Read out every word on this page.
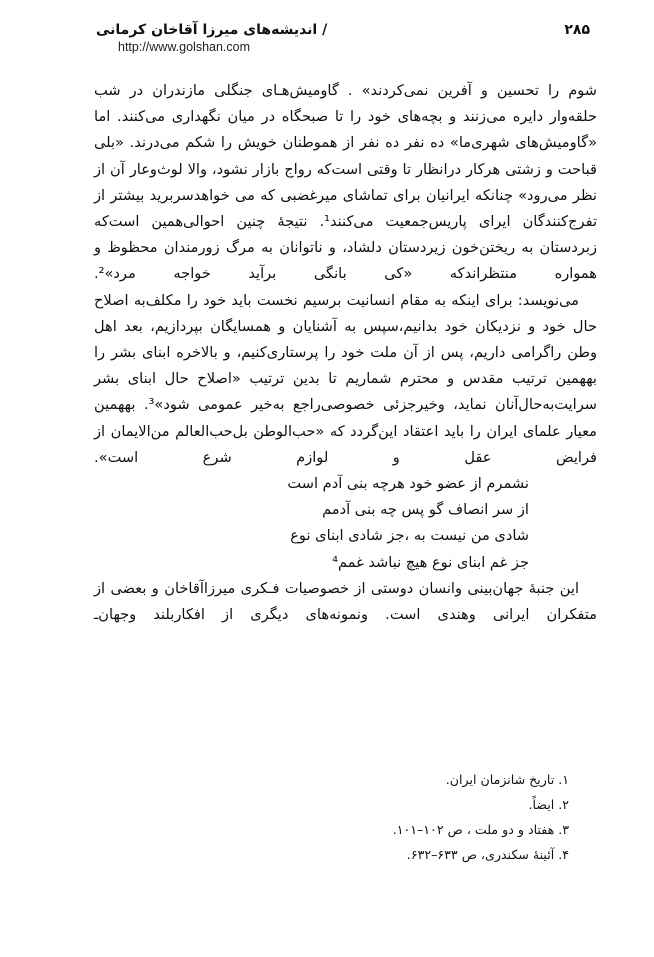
/ اندیشه‌های میرزا آقاخان کرمانی	۲۸۵
http://www.golshan.com

شوم را تحسین و آفرین نمی‌کردند» . گاومیش‌هـای جنگلی مازندران در شب حلقه‌وار دایره می‌زنند و بچه‌های خود را تا صبحگاه در میان نگهداری می‌کنند. اما «گاومیش‌های شهری‌ما» ده نفر ده نفر از هموطنان خویش را شکم می‌درند. «بلی قباحت و زشتی هرکار درانظار تا وقتی است‌که رواج بازار نشود، والا لوث‌وعار آن از نظر می‌رود» چنانکه ایرانیان برای تماشای میرغضبی که می خواهدسربرید بیشتر از تفرج‌کنندگان ایرای پاریس‌جمعیت می‌کنند¹. نتیجهٔ چنین احوالی‌همین است‌که زبردستان به ریختن‌خون زیردستان دلشاد، و ناتوانان به مرگ زورمندان محظوظ و همواره منتظراندکه «کی بانگی برآید خواجه مرد»².

می‌نویسد: برای اینکه به مقام انسانیت برسیم نخست باید خود را مکلف‌به اصلاح حال خود و نزدیکان خود بدانیم،سپس به آشنایان و همسایگان بپردازیم، بعد اهل وطن راگرامی داریم، پس از آن ملت خود را پرستاری‌کنیم، و بالاخره ابنای بشر را بههمین ترتیب مقدس و محترم شماریم تا بدین ترتیب «اصلاح حال ابنای بشر سرایت‌به‌حال‌آنان نماید، وخیرجزئی خصوصی‌راجع به‌خیر عمومی شود»³. بههمین معیار علمای ایران را باید اعتقاد این‌گردد که «حب‌الوطن بل‌حب‌العالم من‌الایمان از فرایض عقل و لوازم شرع است».

نشمرم از عضو خود هرچه بنی آدم است
از سر انصاف گو پس چه بنی آدمم
شادی من نیست به ،جز شادی ابنای نوع
جز غم ابنای نوع هیچ نباشد غمم⁴

این جنبهٔ جهان‌بینی وانسان دوستی از خصوصیات فـکری میرزاآقاخان و بعضی از متفکران ایرانی وهندی است. ونمونه‌های دیگری از افکاربلند وجهان‌ـ

۱. تاریخ شانزمان ایران.
۲. ایضاً.
۳. هفتاد و دو ملت ، ص ۱۰۲–۱۰۱.
۴. آئینهٔ سکندری، ص ۶۳۳–۶۳۲.
